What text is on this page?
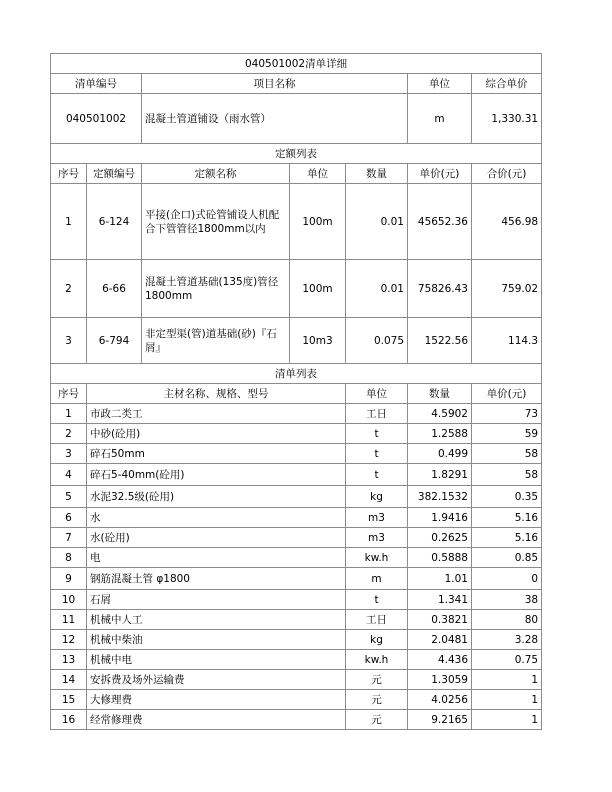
040501002清单详细							
清单编号		项目名称			单位	综合单价	
040501002		混凝土管道铺设（雨水管）			m	1,330.31	
定额列表							
序号	定额编号	定额名称	单位	数量	单价(元)	合价(元)	
1	6-124	平接(企口)式砼管铺设人机配合下管管径1800mm以内	100m	0.01	45652.36	456.98	
2	6-66	混凝土管道基础(135度)管径1800mm	100m	0.01	75826.43	759.02	
3	6-794	非定型渠(管)道基础(砂)『石屑』	10m3	0.075	1522.56	114.3	
清单列表							
序号	主材名称、规格、型号			单位	数量	单价(元)	
1	市政二类工			工日	4.5902	73	
2	中砂(砼用)			t	1.2588	59	
3	碎石50mm			t	0.499	58	
4	碎石5-40mm(砼用)			t	1.8291	58	
5	水泥32.5级(砼用)			kg	382.1532	0.35	
6	水			m3	1.9416	5.16	
7	水(砼用)			m3	0.2625	5.16	
8	电			kw.h	0.5888	0.85	
9	钢筋混凝土管 φ1800			m	1.01	0	
10	石屑			t	1.341	38	
11	机械中人工			工日	0.3821	80	
12	机械中柴油			kg	2.0481	3.28	
13	机械中电			kw.h	4.436	0.75	
14	安拆费及场外运输费			元	1.3059	1	
15	大修理费			元	4.0256	1	
16	经常修理费			元	9.2165	1	
